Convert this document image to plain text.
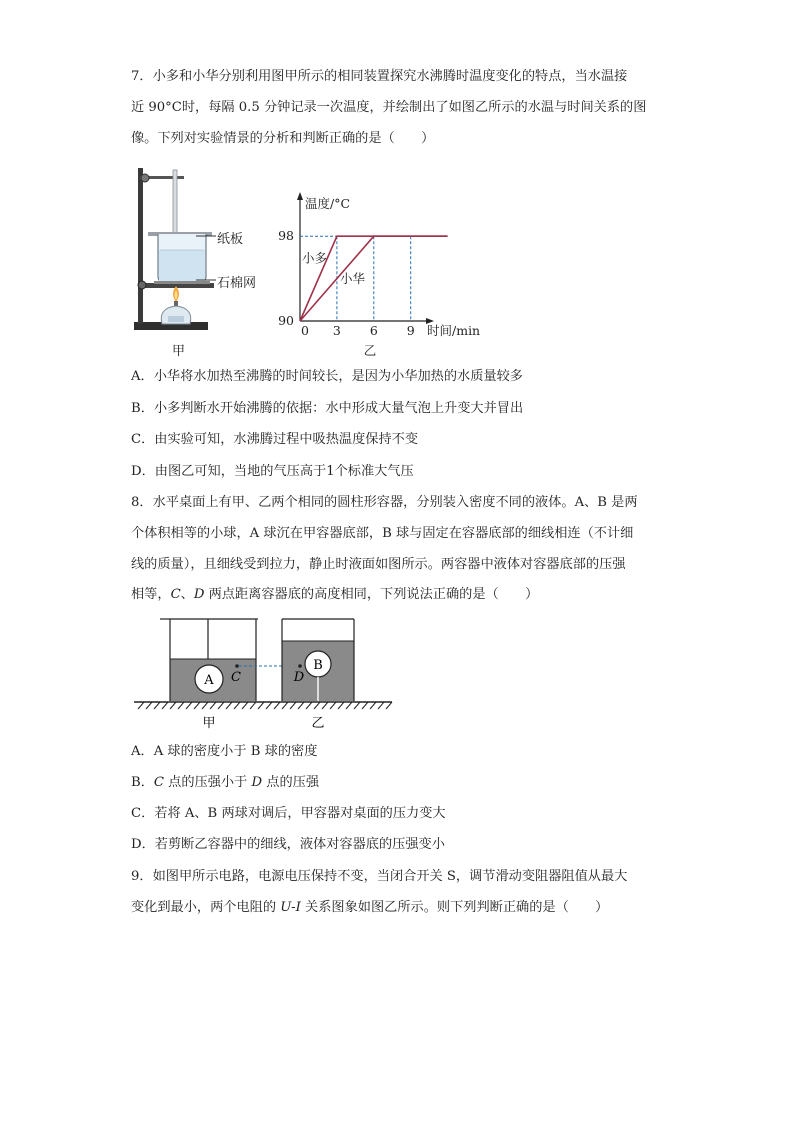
7．小多和小华分别利用图甲所示的相同装置探究水沸腾时温度变化的特点，当水温接
近 90°C时，每隔 0.5 分钟记录一次温度，并绘制出了如图乙所示的水温与时间关系的图
像。下列对实验情景的分析和判断正确的是（　　）
纸板
石棉网
甲
温度/°C
时间/min
98
90
0 3 6 9
小多
小华
乙
A．小华将水加热至沸腾的时间较长，是因为小华加热的水质量较多
B．小多判断水开始沸腾的依据：水中形成大量气泡上升变大并冒出
C．由实验可知，水沸腾过程中吸热温度保持不变
D．由图乙可知，当地的气压高于1个标准大气压
8．水平桌面上有甲、乙两个相同的圆柱形容器，分别装入密度不同的液体。A、B 是两
个体积相等的小球，A 球沉在甲容器底部，B 球与固定在容器底部的细线相连（不计细
线的质量），且细线受到拉力，静止时液面如图所示。两容器中液体对容器底部的压强
相等，C、D 两点距离容器底的高度相同，下列说法正确的是（　　）
A C
B
D
甲	乙
A．A 球的密度小于 B 球的密度
B．C 点的压强小于 D 点的压强
C．若将 A、B 两球对调后，甲容器对桌面的压力变大
D．若剪断乙容器中的细线，液体对容器底的压强变小
9．如图甲所示电路，电源电压保持不变，当闭合开关 S，调节滑动变阻器阻值从最大
变化到最小，两个电阻的 U-I 关系图象如图乙所示。则下列判断正确的是（　　）
